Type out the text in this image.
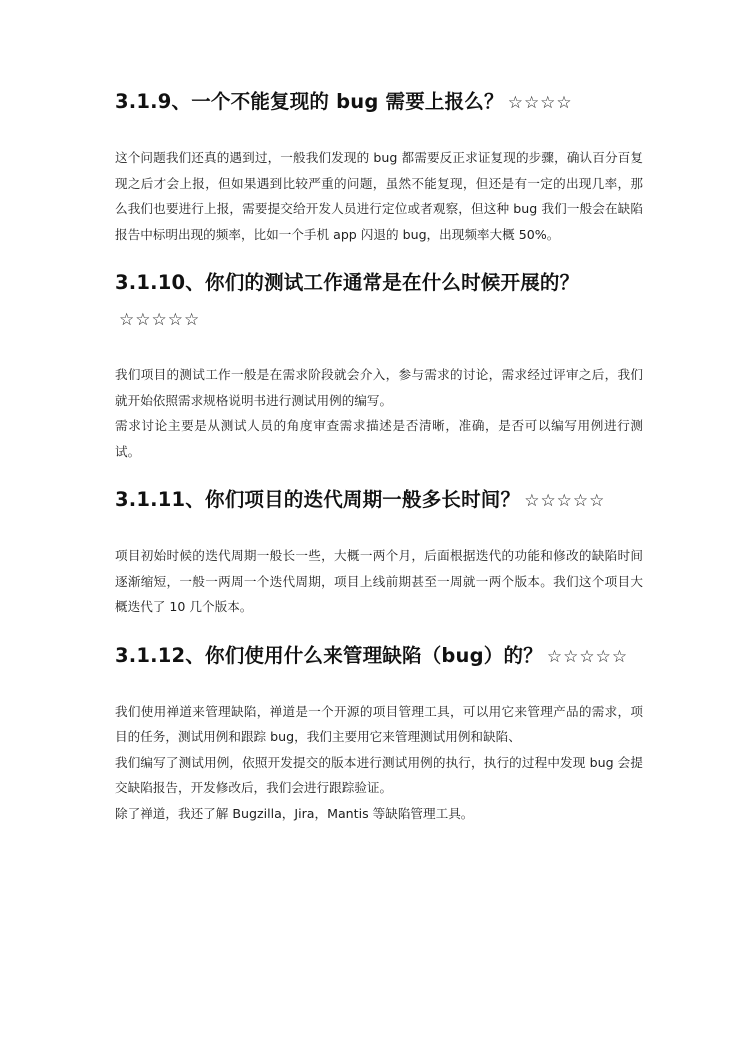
3.1.9、一个不能复现的 bug 需要上报么？ ☆☆☆☆

这个问题我们还真的遇到过，一般我们发现的 bug 都需要反正求证复现的步骤，确认百分百复现之后才会上报，但如果遇到比较严重的问题，虽然不能复现，但还是有一定的出现几率，那么我们也要进行上报，需要提交给开发人员进行定位或者观察，但这种 bug 我们一般会在缺陷报告中标明出现的频率，比如一个手机 app 闪退的 bug，出现频率大概 50%。

3.1.10、你们的测试工作通常是在什么时候开展的？☆☆☆☆☆

我们项目的测试工作一般是在需求阶段就会介入，参与需求的讨论，需求经过评审之后，我们就开始依照需求规格说明书进行测试用例的编写。

需求讨论主要是从测试人员的角度审查需求描述是否清晰，准确，是否可以编写用例进行测试。

3.1.11、你们项目的迭代周期一般多长时间？ ☆☆☆☆☆

项目初始时候的迭代周期一般长一些，大概一两个月，后面根据迭代的功能和修改的缺陷时间逐渐缩短，一般一两周一个迭代周期，项目上线前期甚至一周就一两个版本。我们这个项目大概迭代了 10 几个版本。

3.1.12、你们使用什么来管理缺陷（bug）的？ ☆☆☆☆☆

我们使用禅道来管理缺陷，禅道是一个开源的项目管理工具，可以用它来管理产品的需求，项目的任务，测试用例和跟踪 bug，我们主要用它来管理测试用例和缺陷、

我们编写了测试用例，依照开发提交的版本进行测试用例的执行，执行的过程中发现 bug 会提交缺陷报告，开发修改后，我们会进行跟踪验证。

除了禅道，我还了解 Bugzilla，Jira，Mantis 等缺陷管理工具。
